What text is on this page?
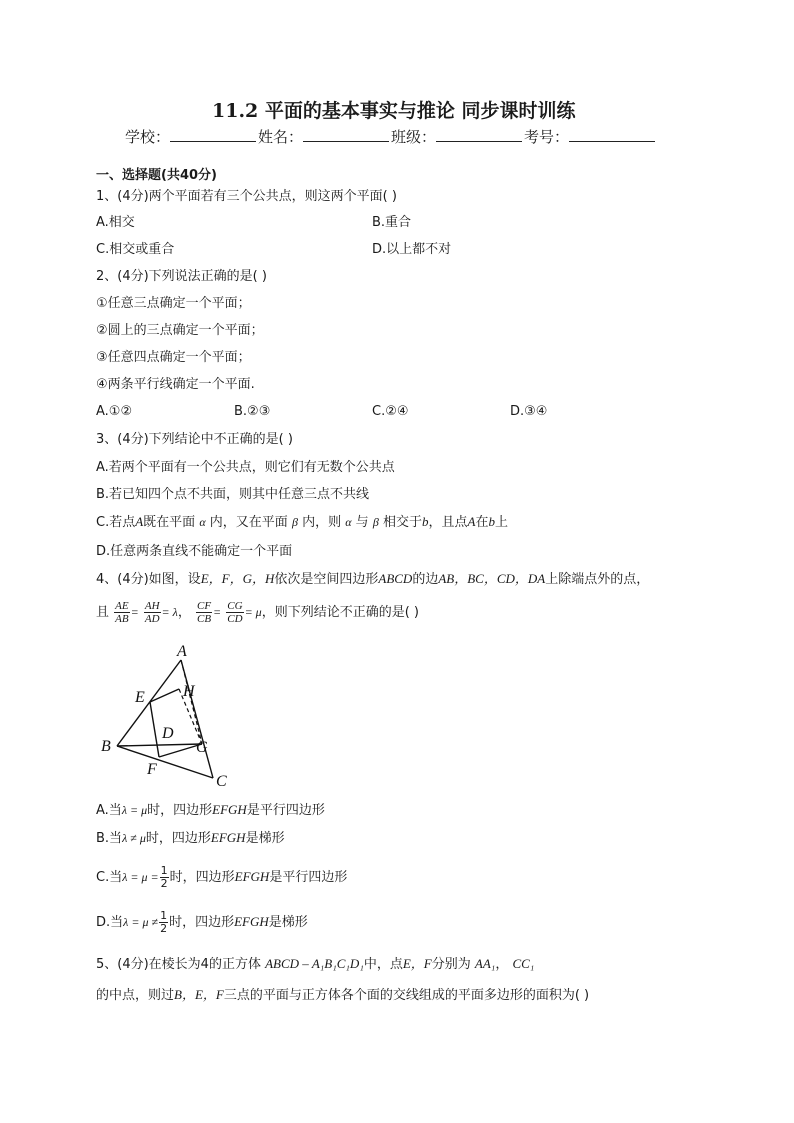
11.2 平面的基本事实与推论 同步课时训练
学校：	姓名：	班级：	考号：
一、选择题(共40分)
1、(4分)两个平面若有三个公共点，则这两个平面( )
A.相交	B.重合
C.相交或重合	D.以上都不对
2、(4分)下列说法正确的是( )
①任意三点确定一个平面；
②圆上的三点确定一个平面；
③任意四点确定一个平面；
④两条平行线确定一个平面.
A.①②	B.②③	C.②④	D.③④
3、(4分)下列结论中不正确的是( )
A.若两个平面有一个公共点，则它们有无数个公共点
B.若已知四个点不共面，则其中任意三点不共线
C.若点A既在平面 α 内，又在平面 β 内，则 α 与 β 相交于b，且点A在b上
D.任意两条直线不能确定一个平面
4、(4分)如图，设E，F，G，H依次是空间四边形ABCD的边AB，BC，CD，DA上除端点外的点，
且 $\frac{AE}{AB} = \frac{AH}{AD} = \lambda$， $\frac{CF}{CB} = \frac{CG}{CD} = \mu$，则下列结论不正确的是( )
A
B
C
D
E
F
G
H
A.当λ = μ时，四边形EFGH是平行四边形
B.当λ ≠ μ时，四边形EFGH是梯形
C.当$\lambda = \mu = \frac{1}{2}$ 时，四边形EFGH是平行四边形
D.当$\lambda = \mu \ne \frac{1}{2}$ 时，四边形EFGH是梯形
5、(4分)在棱长为4的正方体 ABCD – A₁B₁C₁D₁中，点E，F分别为 AA₁， CC₁
的中点，则过B，E，F三点的平面与正方体各个面的交线组成的平面多边形的面积为( )
